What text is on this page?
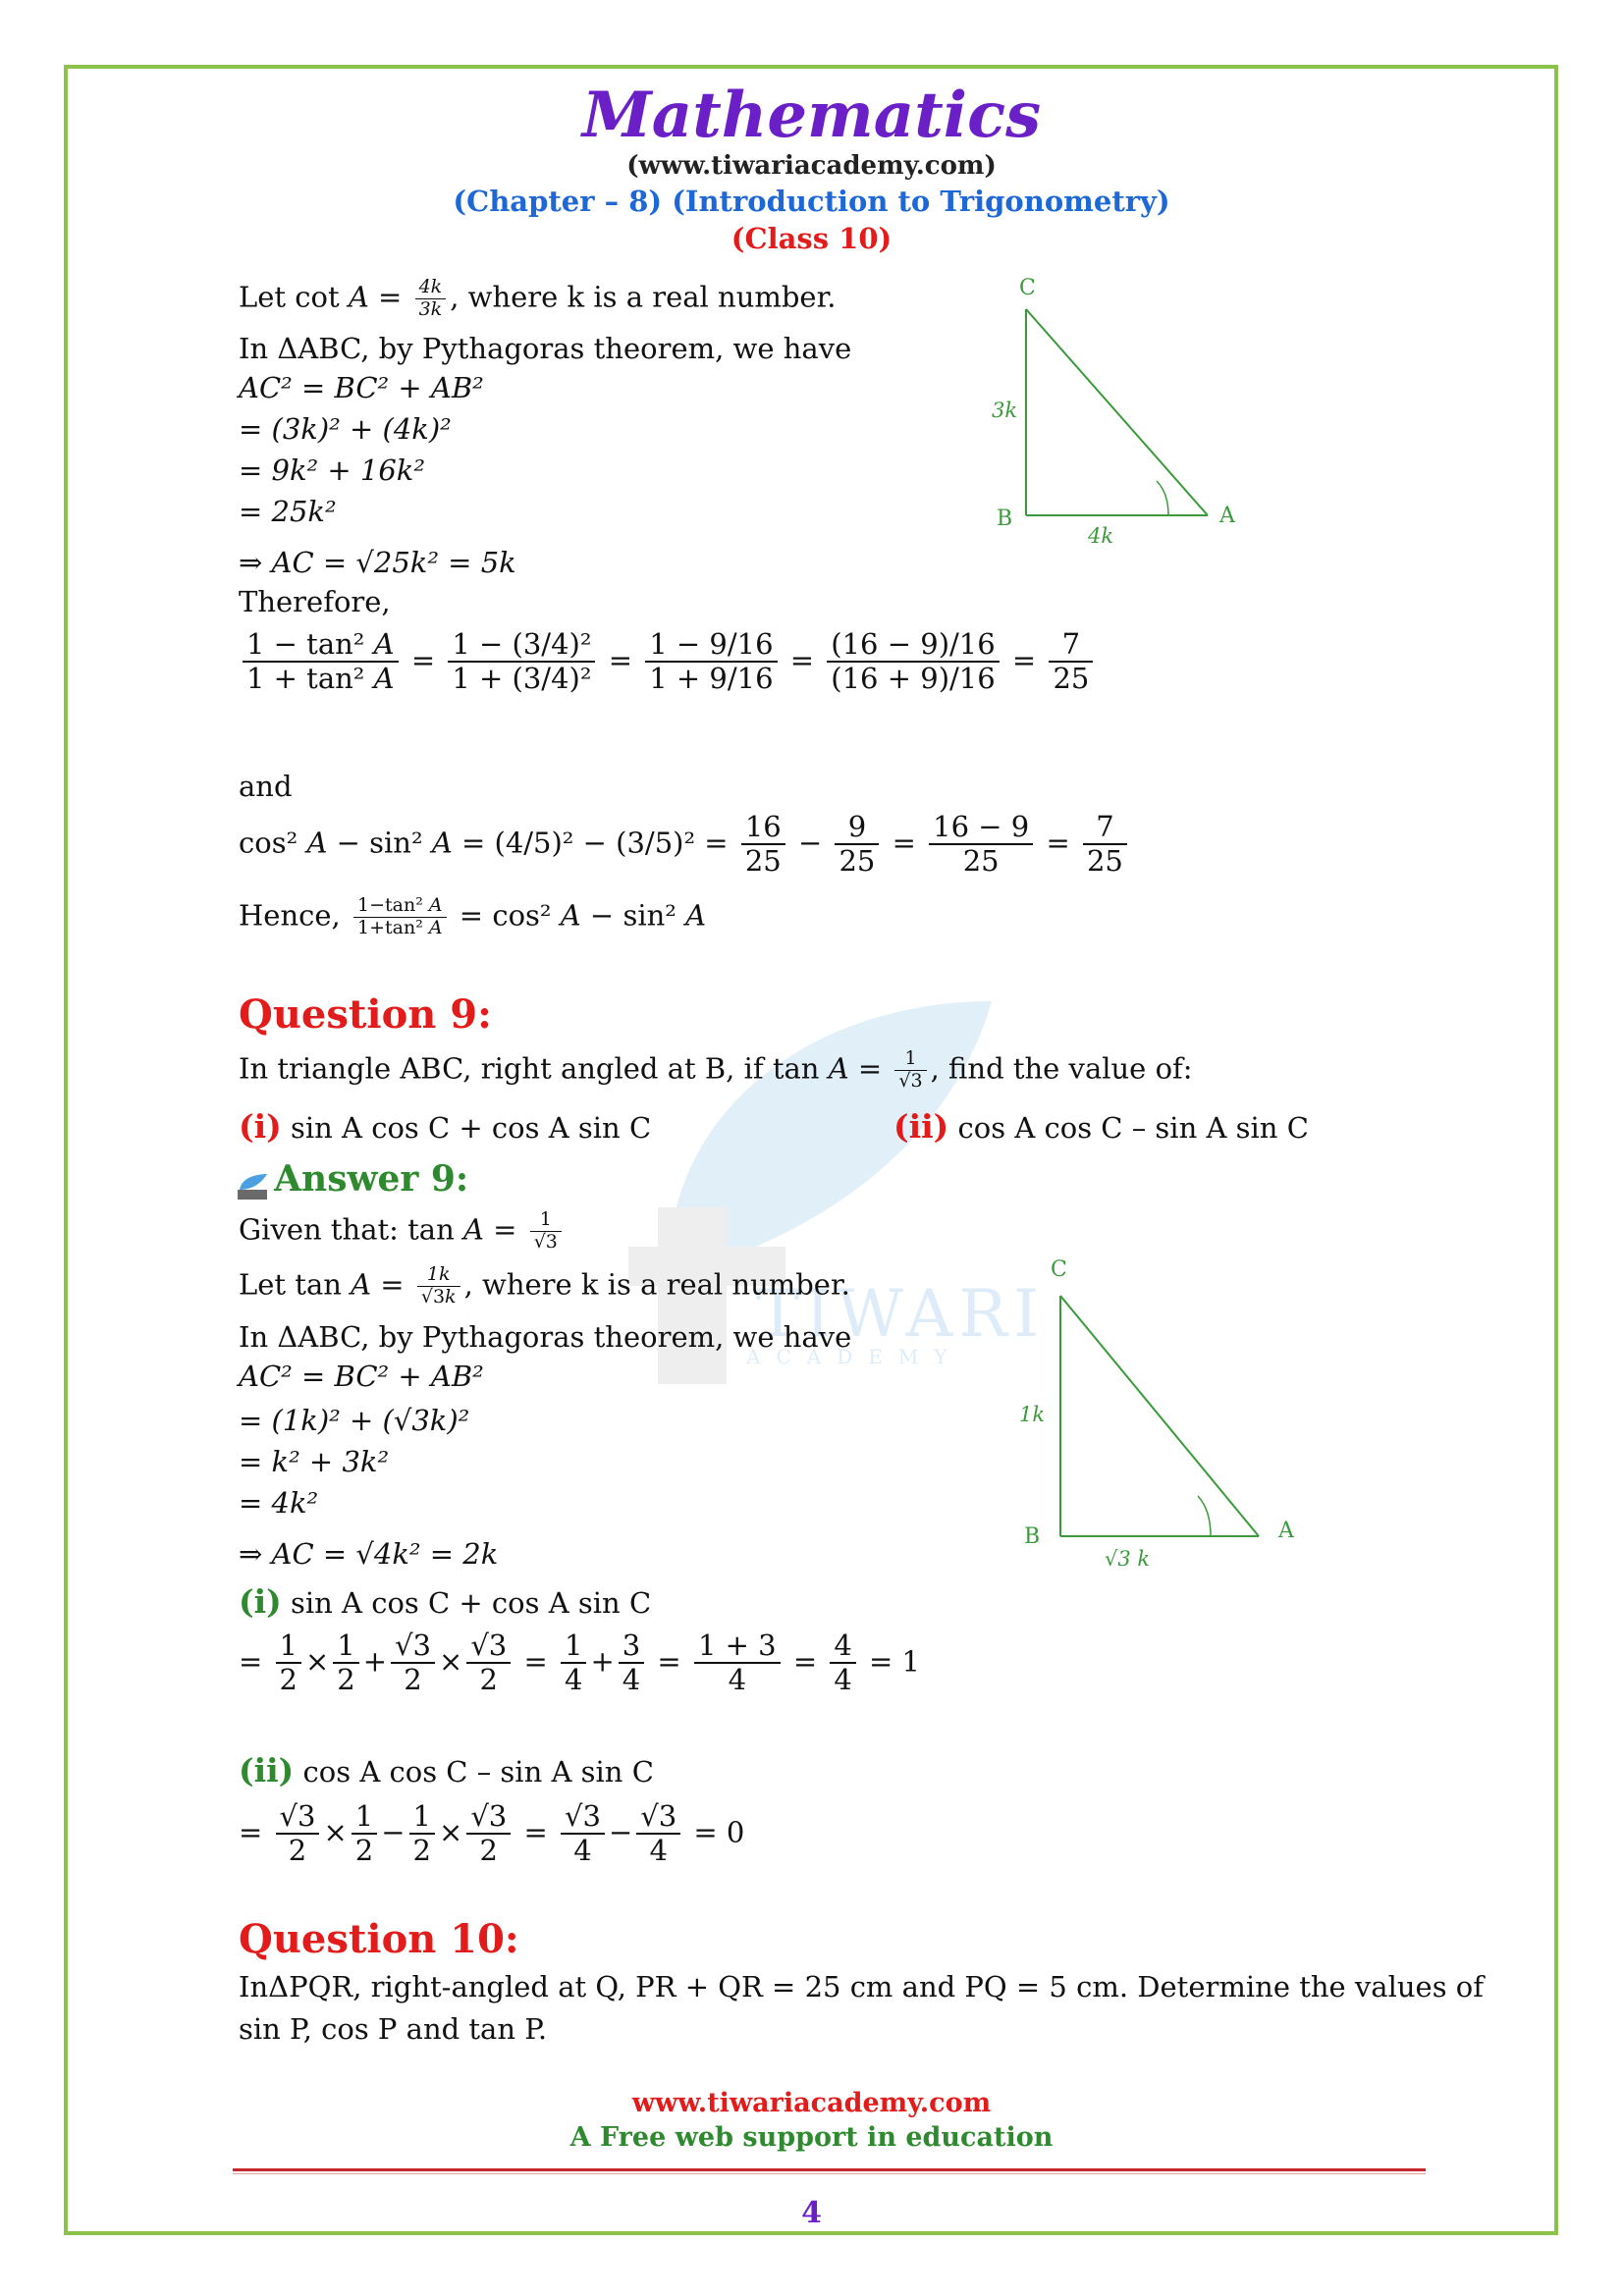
TIWARI
ACADEMY
Mathematics
(www.tiwariacademy.com)
(Chapter – 8) (Introduction to Trigonometry)
(Class 10)
Let $\cot A = \frac{4k}{3k}$ , where k is a real number.
In ΔABC, by Pythagoras theorem, we have
AC² = BC² + AB²
= (3k)² + (4k)²
= 9k² + 16k²
= 25k²
⇒ AC = √25k² = 5k
Therefore,
$\frac{\text{1 − tan² A}}{\text{1 + tan² A}} = \frac{\text{1 − (3/4)²}}{\text{1 + (3/4)²}} = \frac{1 - 9/16}{1 + 9/16} = \frac{(16 - 9)/16}{(16 + 9)/16} = \frac{7}{25}$
and
cos² A − sin² $A = (4/5)^2 - (3/5)^2 = \frac{16}{25} - \frac{9}{25} = \frac{16 - 9}{25} = \frac{7}{25}$
Hence, $\frac{\text{1−tan² A}}{\text{1+tan² A}} = \cos^2$ A − sin² A
C
B	A
3k
4k
Question 9:
In triangle ABC, right angled at B, if $\tan A = \frac{1}{√3}$ , find the value of:
(i) sin A cos C + cos A sin C	(ii) cos A cos C – sin A sin C
Answer 9:
Given that: $\tan A = \frac{1}{√3}$
Let $\tan A = \frac{1k}{√3k}$ , where k is a real number.
In ΔABC, by Pythagoras theorem, we have
AC² = BC² + AB²
= (1k)² + (√3k)²
= k² + 3k²
= 4k²
⇒ AC = √4k² = 2k
C
B	A
1k
√3 k
(i) sin A cos C + cos A sin C
= $\frac{1}{2} \times \frac{1}{2} + \frac{√3}{2} \times \frac{√3}{2} = \frac{1}{4} + \frac{3}{4} = \frac{1 + 3}{4} = \frac{4}{4} = 1$
(ii) cos A cos C – sin A sin C
= $\frac{√3}{2} \times \frac{1}{2} - \frac{1}{2} \times \frac{√3}{2} = \frac{√3}{4} - \frac{√3}{4} = 0$
Question 10:
InΔPQR, right-angled at Q, PR + QR = 25 cm and PQ = 5 cm. Determine the values of
sin P, cos P and tan P.
www.tiwariacademy.com
A Free web support in education
4
